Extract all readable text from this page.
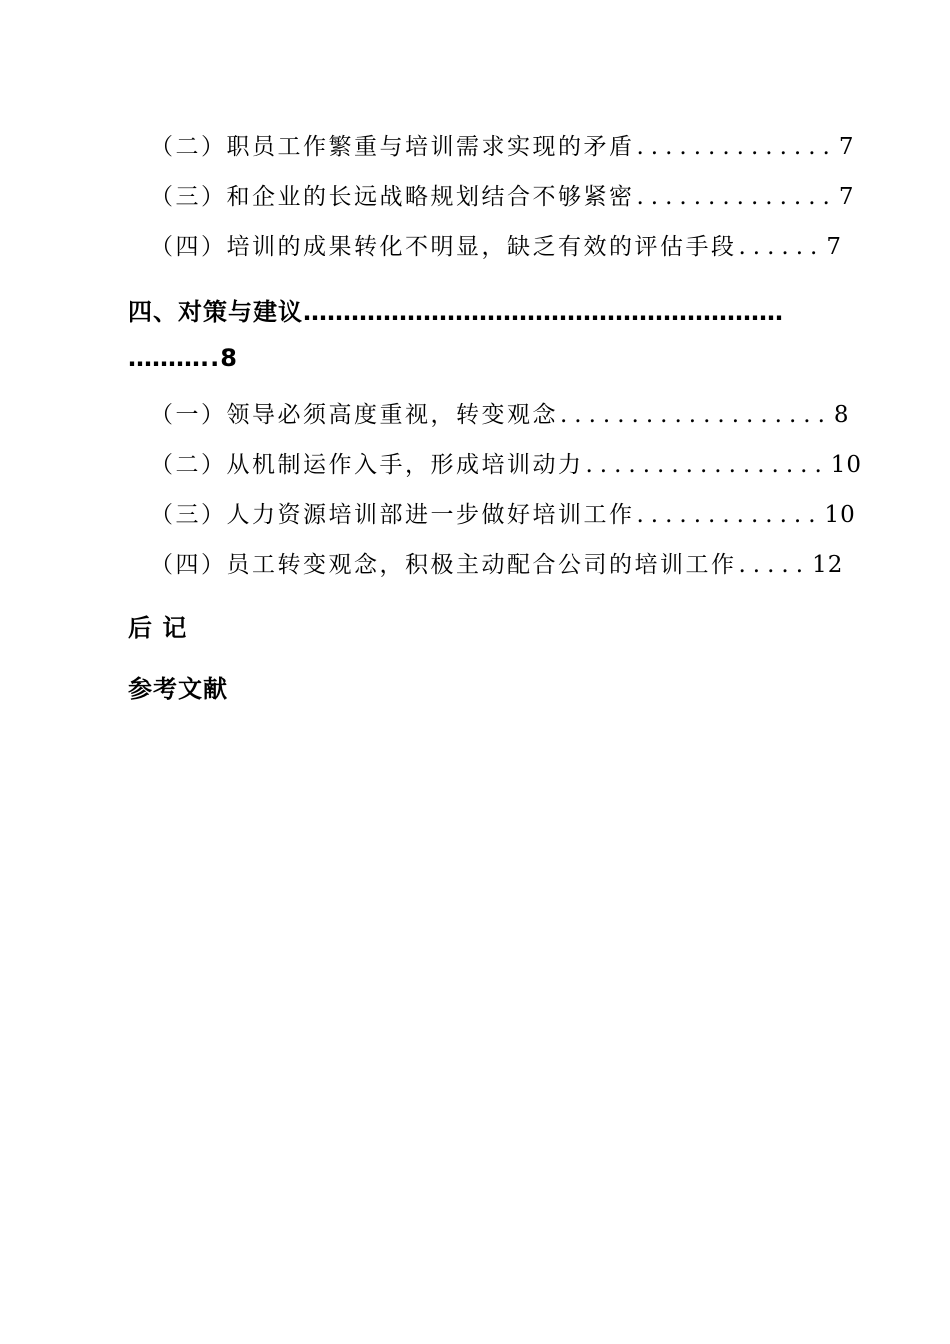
（二）职员工作繁重与培训需求实现的矛盾 .............. 7
（三）和企业的长远战略规划结合不够紧密 .............. 7
（四）培训的成果转化不明显，缺乏有效的评估手段 ...... 7
四、对策与建议……………………………………………………
………..8
（一）领导必须高度重视，转变观念 ................... 8
（二）从机制运作入手，形成培训动力 ................. 10
（三）人力资源培训部进一步做好培训工作 ............. 10
（四）员工转变观念，积极主动配合公司的培训工作 ..... 12
后 记
参考文献
